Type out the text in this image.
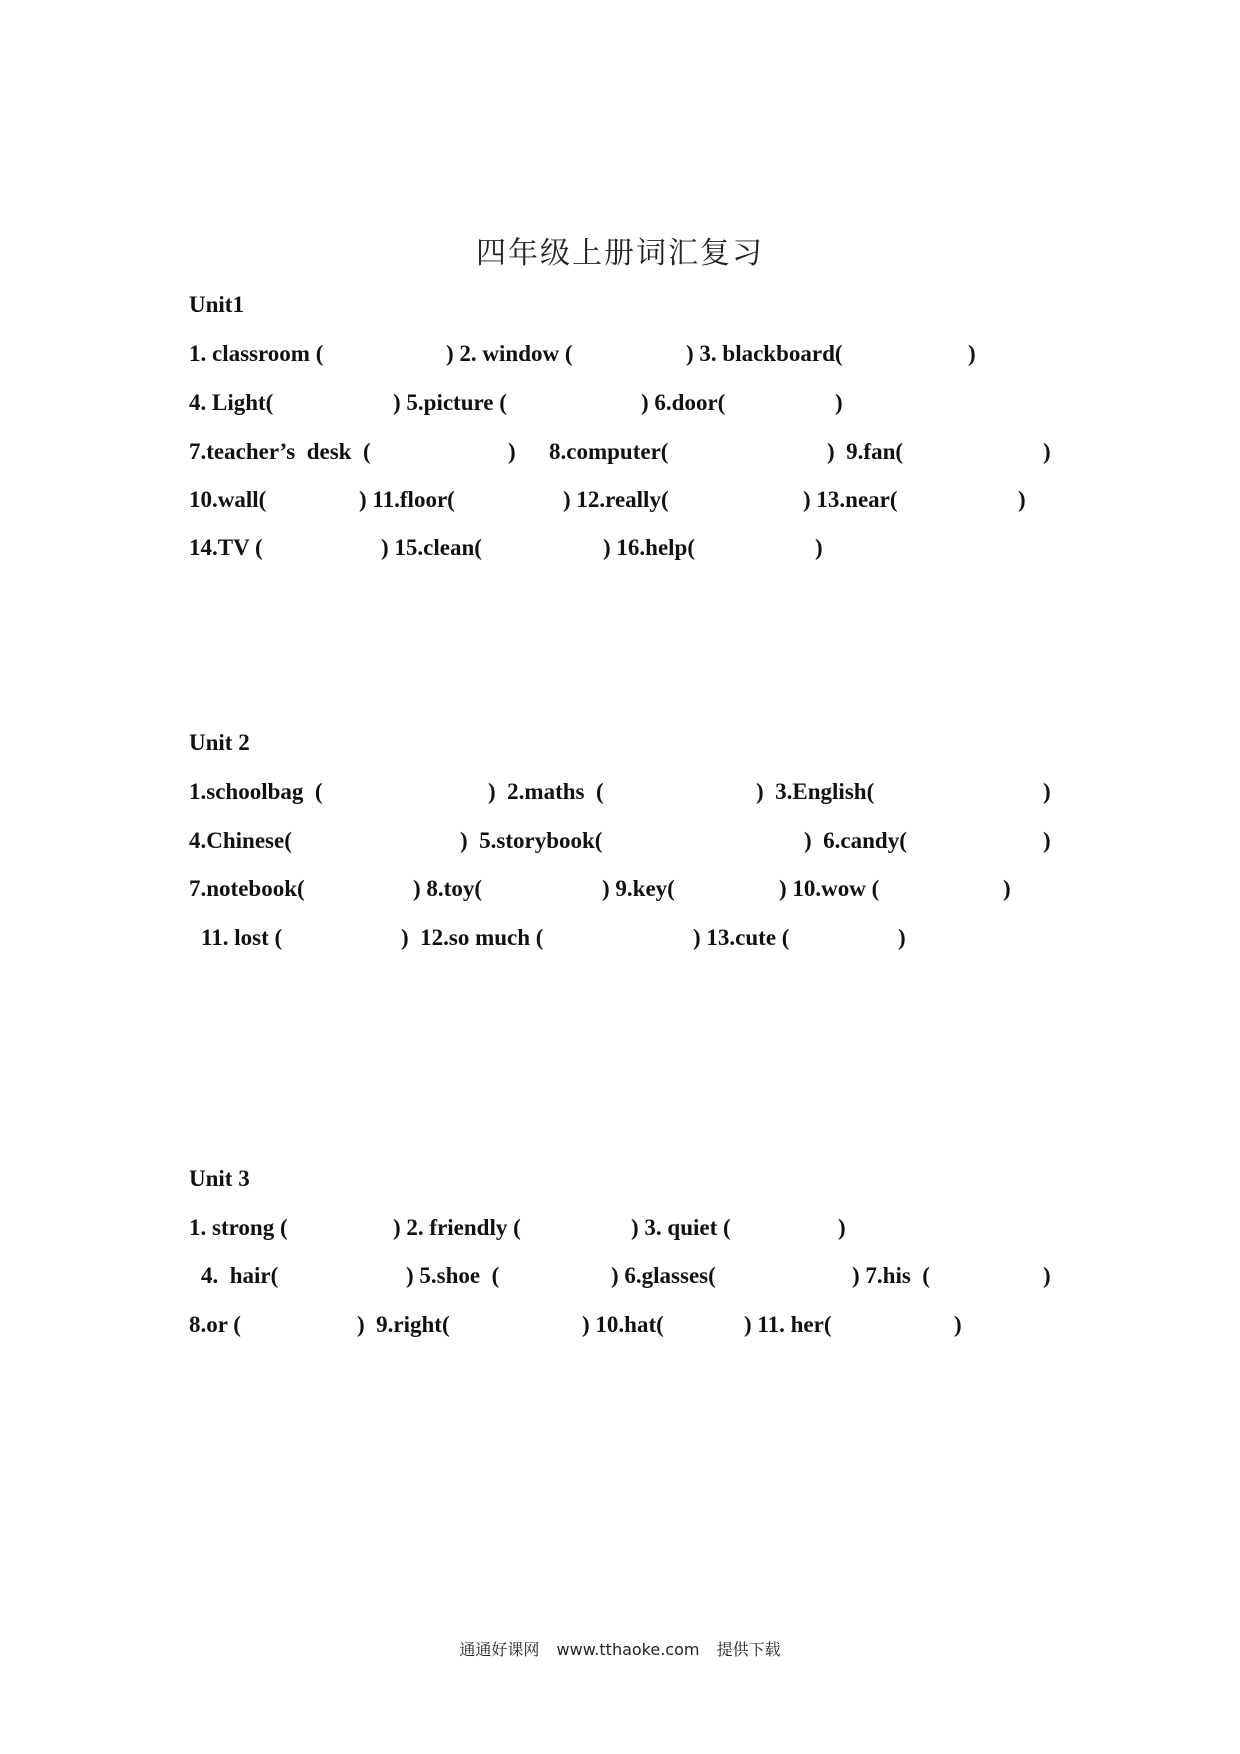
四年级上册词汇复习
Unit1
1. classroom (	) 2. window (	) 3. blackboard(	)
4. Light(	) 5.picture (	) 6.door(	)
7.teacher’s  desk  (	) 8.computer(	)  9.fan(	)
10.wall(	) 11.floor(	) 12.really(	) 13.near(	)
14.TV (	) 15.clean(	) 16.help(	)
Unit 2
1.schoolbag  (	)  2.maths  (	)  3.English(	)
4.Chinese(	)  5.storybook(	)  6.candy(	)
7.notebook(	) 8.toy(	) 9.key(	) 10.wow (	)
11. lost (	)  12.so much (	) 13.cute (	)
Unit 3
1. strong (	) 2. friendly (	) 3. quiet (	)
4.  hair(	) 5.shoe  (	) 6.glasses(	) 7.his  (	)
8.or (	)  9.right(	) 10.hat(	) 11. her(	)
通通好课网 www.tthaoke.com 提供下载
